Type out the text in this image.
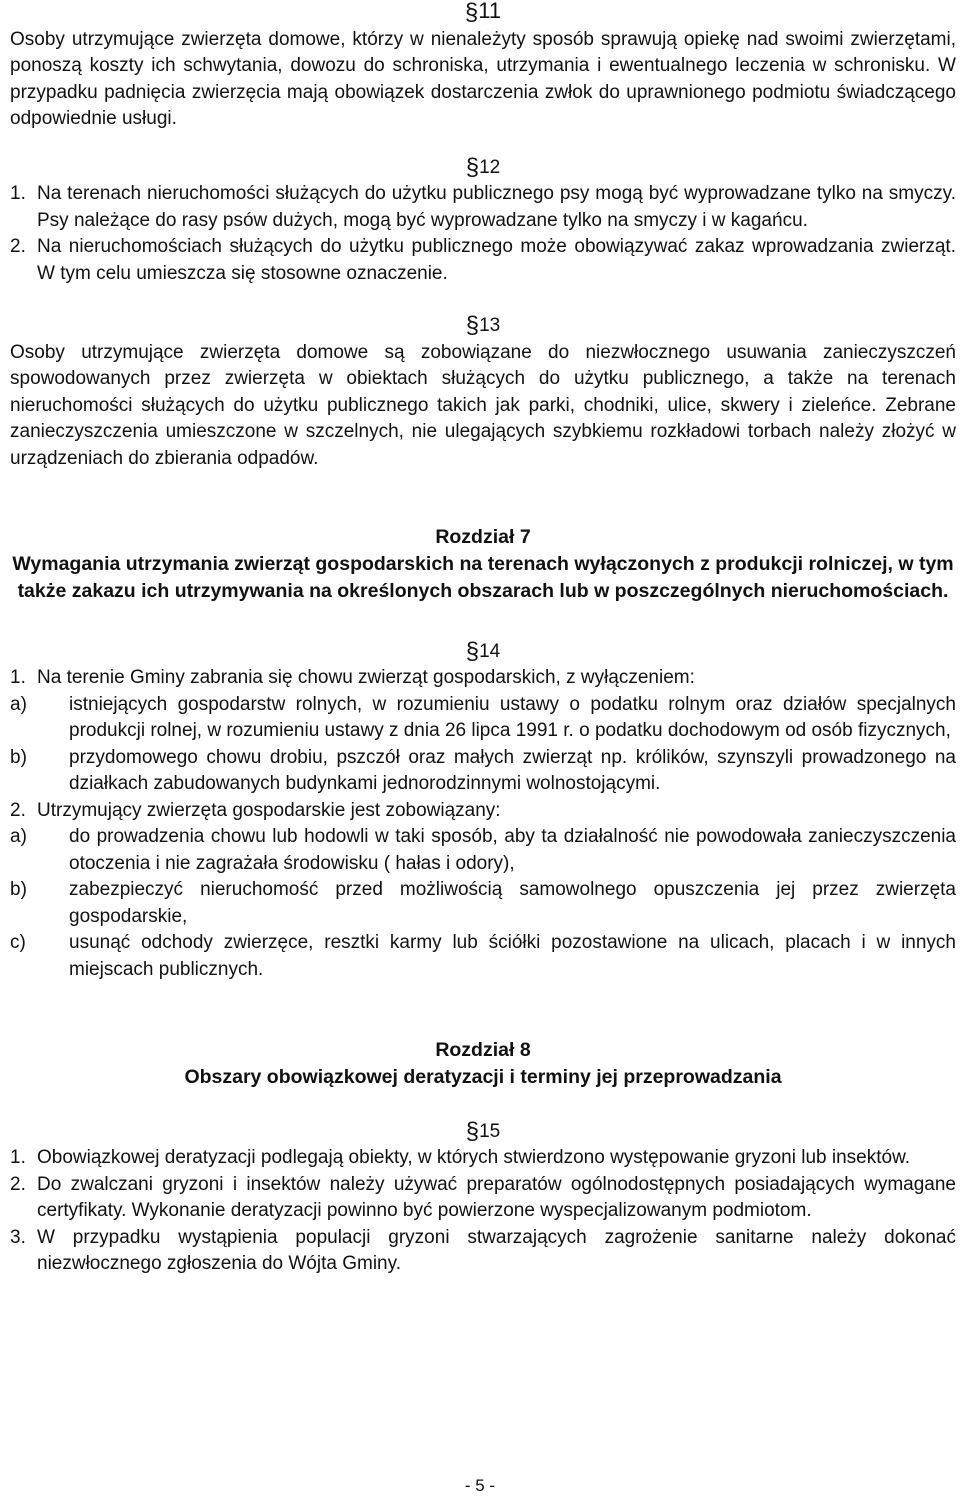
§11

Osoby utrzymujące zwierzęta domowe, którzy w nienależyty sposób sprawują opiekę nad swoimi zwierzętami, ponoszą koszty ich schwytania, dowozu do schroniska, utrzymania i ewentualnego leczenia w schronisku. W przypadku padnięcia zwierzęcia mają obowiązek dostarczenia zwłok do uprawnionego podmiotu świadczącego odpowiednie usługi.

§12

1. Na terenach nieruchomości służących do użytku publicznego psy mogą być wyprowadzane tylko na smyczy. Psy należące do rasy psów dużych, mogą być wyprowadzane tylko na smyczy i w kagańcu.
2. Na nieruchomościach służących do użytku publicznego może obowiązywać zakaz wprowadzania zwierząt. W tym celu umieszcza się stosowne oznaczenie.

§13

Osoby utrzymujące zwierzęta domowe są zobowiązane do niezwłocznego usuwania zanieczyszczeń spowodowanych przez zwierzęta w obiektach służących do użytku publicznego, a także na terenach nieruchomości służących do użytku publicznego takich jak parki, chodniki, ulice, skwery i zieleńce. Zebrane zanieczyszczenia umieszczone w szczelnych, nie ulegających szybkiemu rozkładowi torbach należy złożyć w urządzeniach do zbierania odpadów.

Rozdział 7

Wymagania utrzymania zwierząt gospodarskich na terenach wyłączonych z produkcji rolniczej, w tym także zakazu ich utrzymywania na określonych obszarach lub w poszczególnych nieruchomościach.

§14

1. Na terenie Gminy zabrania się chowu zwierząt gospodarskich, z wyłączeniem:
a)	istniejących gospodarstw rolnych, w rozumieniu ustawy o podatku rolnym oraz działów specjalnych produkcji rolnej, w rozumieniu ustawy z dnia 26 lipca 1991 r. o podatku dochodowym od osób fizycznych,
b)	przydomowego chowu drobiu, pszczół oraz małych zwierząt np. królików, szynszyli prowadzonego na działkach zabudowanych budynkami jednorodzinnymi wolnostojącymi.
2. Utrzymujący zwierzęta gospodarskie jest zobowiązany:
a)	do prowadzenia chowu lub hodowli w taki sposób, aby ta działalność nie powodowała zanieczyszczenia otoczenia i nie zagrażała środowisku ( hałas i odory),
b)	zabezpieczyć nieruchomość przed możliwością samowolnego opuszczenia jej przez zwierzęta gospodarskie,
c)	usunąć odchody zwierzęce, resztki karmy lub ściółki pozostawione na ulicach, placach i w innych miejscach publicznych.

Rozdział 8

Obszary obowiązkowej deratyzacji i terminy jej przeprowadzania

§15

1. Obowiązkowej deratyzacji podlegają obiekty, w których stwierdzono występowanie gryzoni lub insektów.
2. Do zwalczani gryzoni i insektów należy używać preparatów ogólnodostępnych posiadających wymagane certyfikaty. Wykonanie deratyzacji powinno być powierzone wyspecjalizowanym podmiotom.
3. W przypadku wystąpienia populacji gryzoni stwarzających zagrożenie sanitarne należy dokonać niezwłocznego zgłoszenia do Wójta Gminy.
- 5 -
